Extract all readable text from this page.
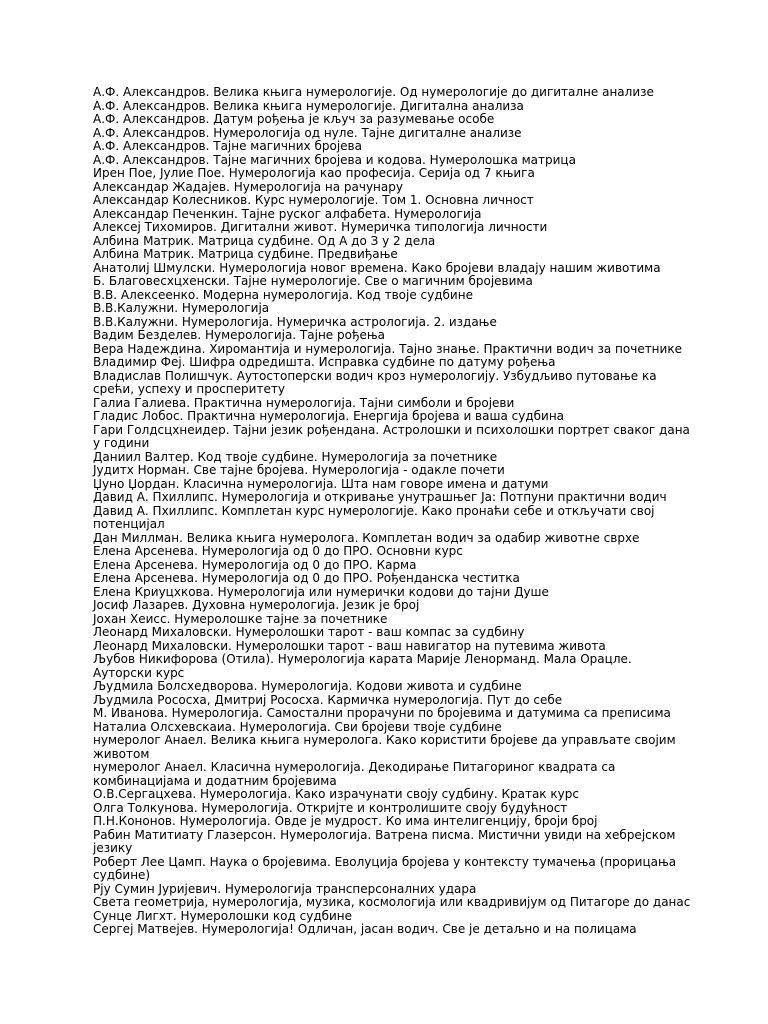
А.Ф. Александров. Велика књига нумерологије. Од нумерологије до дигиталне анализе
А.Ф. Александров. Велика књига нумерологије. Дигитална анализа
А.Ф. Александров. Датум рођења је кључ за разумевање особе
А.Ф. Александров. Нумерологија од нуле. Тајне дигиталне анализе
А.Ф. Александров. Тајне магичних бројева
А.Ф. Александров. Тајне магичних бројева и кодова. Нумеролошка матрица
Ирен Пое, Јулие Пое. Нумерологија као професија. Серија од 7 књига
Александар Жадајев. Нумерологија на рачунару
Александар Колесников. Курс нумерологије. Том 1. Основна личност
Александар Печенкин. Тајне руског алфабета. Нумерологија
Алексеј Тихомиров. Дигитални живот. Нумеричка типологија личности
Албина Матрик. Матрица судбине. Од А до З у 2 дела
Албина Матрик. Матрица судбине. Предвиђање
Анатолиј Шмулски. Нумерологија новог времена. Како бројеви владају нашим животима
Б. Благовесхцхенски. Тајне нумерологије. Све о магичним бројевима
В.В. Алексеенко. Модерна нумерологија. Код твоје судбине
В.В.Калужни. Нумерологија
В.В.Калужни. Нумерологија. Нумеричка астрологија. 2. издање
Вадим Безделев. Нумерологија. Тајне рођења
Вера Надеждина. Хиромантија и нумерологија. Тајно знање. Практични водич за почетнике
Владимир Феј. Шифра одредишта. Исправка судбине по датуму рођења
Владислав Полишчук. Аутостоперски водич кроз нумерологију. Узбудљиво путовање ка срећи, успеху и просперитету
Галиа Галиева. Практична нумерологија. Тајни симболи и бројеви
Гладис Лобос. Практична нумерологија. Енергија бројева и ваша судбина
Гари Голдсцхнеидер. Тајни језик рођендана. Астролошки и психолошки портрет сваког дана у години
Даниил Валтер. Код твоје судбине. Нумерологија за почетнике
Јудитх Норман. Све тајне бројева. Нумерологија - одакле почети
Џуно Џордан. Класична нумерологија. Шта нам говоре имена и датуми
Давид А. Пхиллипс. Нумерологија и откривање унутрашњег Ја: Потпуни практични водич
Давид А. Пхиллипс. Комплетан курс нумерологије. Како пронаћи себе и откључати свој потенцијал
Дан Миллман. Велика књига нумеролога. Комплетан водич за одабир животне сврхе
Елена Арсенева. Нумерологија од 0 до ПРО. Основни курс
Елена Арсенева. Нумерологија од 0 до ПРО. Карма
Елена Арсенева. Нумерологија од 0 до ПРО. Рођенданска честитка
Елена Криуцхкова. Нумерологија или нумерички кодови до тајни Душе
Јосиф Лазарев. Духовна нумерологија. Језик је број
Јохан Хеисс. Нумеролошке тајне за почетнике
Леонард Михаловски. Нумеролошки тарот - ваш компас за судбину
Леонард Михаловски. Нумеролошки тарот - ваш навигатор на путевима живота
Љубов Никифорова (Отила). Нумерологија карата Марије Ленорманд. Мала Орацле. Ауторски курс
Људмила Болсхедворова. Нумерологија. Кодови живота и судбине
Људмила Рососха, Дмитриј Рососха. Кармичка нумерологија. Пут до себе
М. Иванова. Нумерологија. Самостални прорачуни по бројевима и датумима са преписима
Наталиа Олсхевскаиа. Нумерологија. Сви бројеви твоје судбине
нумеролог Анаел. Велика књига нумеролога. Како користити бројеве да управљате својим животом
нумеролог Анаел. Класична нумерологија. Декодирање Питагориног квадрата са комбинацијама и додатним бројевима
О.В.Сергацхева. Нумерологија. Како израчунати своју судбину. Кратак курс
Олга Толкунова. Нумерологија. Откријте и контролишите своју будућност
П.Н.Кононов. Нумерологија. Овде је мудрост. Ко има интелигенцију, броји број
Рабин Матитиату Глазерсон. Нумерологија. Ватрена писма. Мистични увиди на хебрејском језику
Роберт Лее Цамп. Наука о бројевима. Еволуција бројева у контексту тумачења (прорицања судбине)
Рју Сумин Јуријевич. Нумерологија трансперсоналних удара
Света геометрија, нумерологија, музика, космологија или квадривијум од Питагоре до данас
Сунце Лигхт. Нумеролошки код судбине
Сергеј Матвејев. Нумерологија! Одличан, јасан водич. Све је детаљно и на полицама
